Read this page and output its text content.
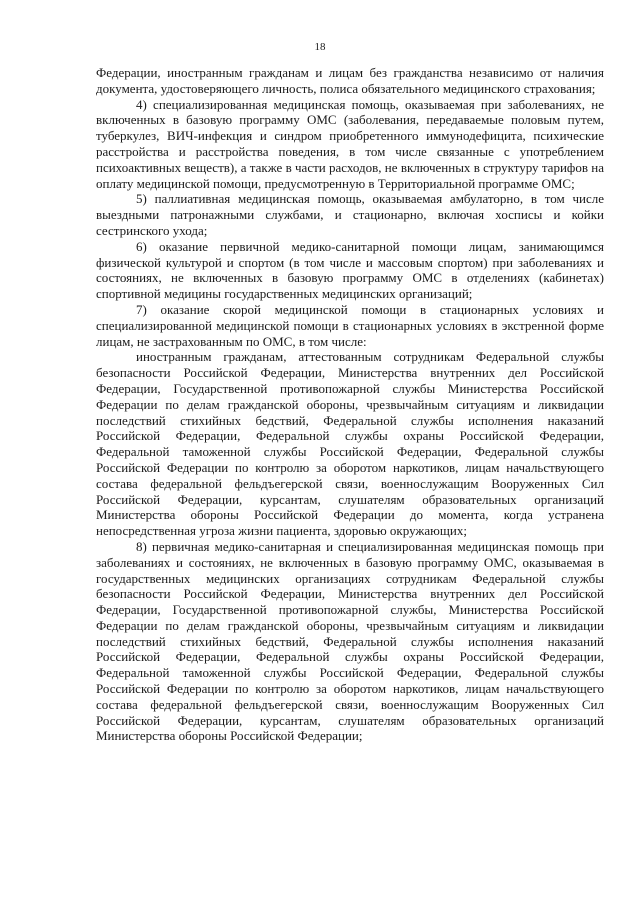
18

Федерации, иностранным гражданам и лицам без гражданства независимо от наличия документа, удостоверяющего личность, полиса обязательного медицинского страхования;

4) специализированная медицинская помощь, оказываемая при заболеваниях, не включенных в базовую программу ОМС (заболевания, передаваемые половым путем, туберкулез, ВИЧ-инфекция и синдром приобретенного иммунодефицита, психические расстройства и расстройства поведения, в том числе связанные с употреблением психоактивных веществ), а также в части расходов, не включенных в структуру тарифов на оплату медицинской помощи, предусмотренную в Территориальной программе ОМС;

5) паллиативная медицинская помощь, оказываемая амбулаторно, в том числе выездными патронажными службами, и стационарно, включая хосписы и койки сестринского ухода;

6) оказание первичной медико-санитарной помощи лицам, занимающимся физической культурой и спортом (в том числе и массовым спортом) при заболеваниях и состояниях, не включенных в базовую программу ОМС в отделениях (кабинетах) спортивной медицины государственных медицинских организаций;

7) оказание скорой медицинской помощи в стационарных условиях и специализированной медицинской помощи в стационарных условиях в экстренной форме лицам, не застрахованным по ОМС, в том числе:

иностранным гражданам, аттестованным сотрудникам Федеральной службы безопасности Российской Федерации, Министерства внутренних дел Российской Федерации, Государственной противопожарной службы Министерства Российской Федерации по делам гражданской обороны, чрезвычайным ситуациям и ликвидации последствий стихийных бедствий, Федеральной службы исполнения наказаний Российской Федерации, Федеральной службы охраны Российской Федерации, Федеральной таможенной службы Российской Федерации, Федеральной службы Российской Федерации по контролю за оборотом наркотиков, лицам начальствующего состава федеральной фельдъегерской связи, военнослужащим Вооруженных Сил Российской Федерации, курсантам, слушателям образовательных организаций Министерства обороны Российской Федерации до момента, когда устранена непосредственная угроза жизни пациента, здоровью окружающих;

8) первичная медико-санитарная и специализированная медицинская помощь при заболеваниях и состояниях, не включенных в базовую программу ОМС, оказываемая в государственных медицинских организациях сотрудникам Федеральной службы безопасности Российской Федерации, Министерства внутренних дел Российской Федерации, Государственной противопожарной службы, Министерства Российской Федерации по делам гражданской обороны, чрезвычайным ситуациям и ликвидации последствий стихийных бедствий, Федеральной службы исполнения наказаний Российской Федерации, Федеральной службы охраны Российской Федерации, Федеральной таможенной службы Российской Федерации, Федеральной службы Российской Федерации по контролю за оборотом наркотиков, лицам начальствующего состава федеральной фельдъегерской связи, военнослужащим Вооруженных Сил Российской Федерации, курсантам, слушателям образовательных организаций Министерства обороны Российской Федерации;
